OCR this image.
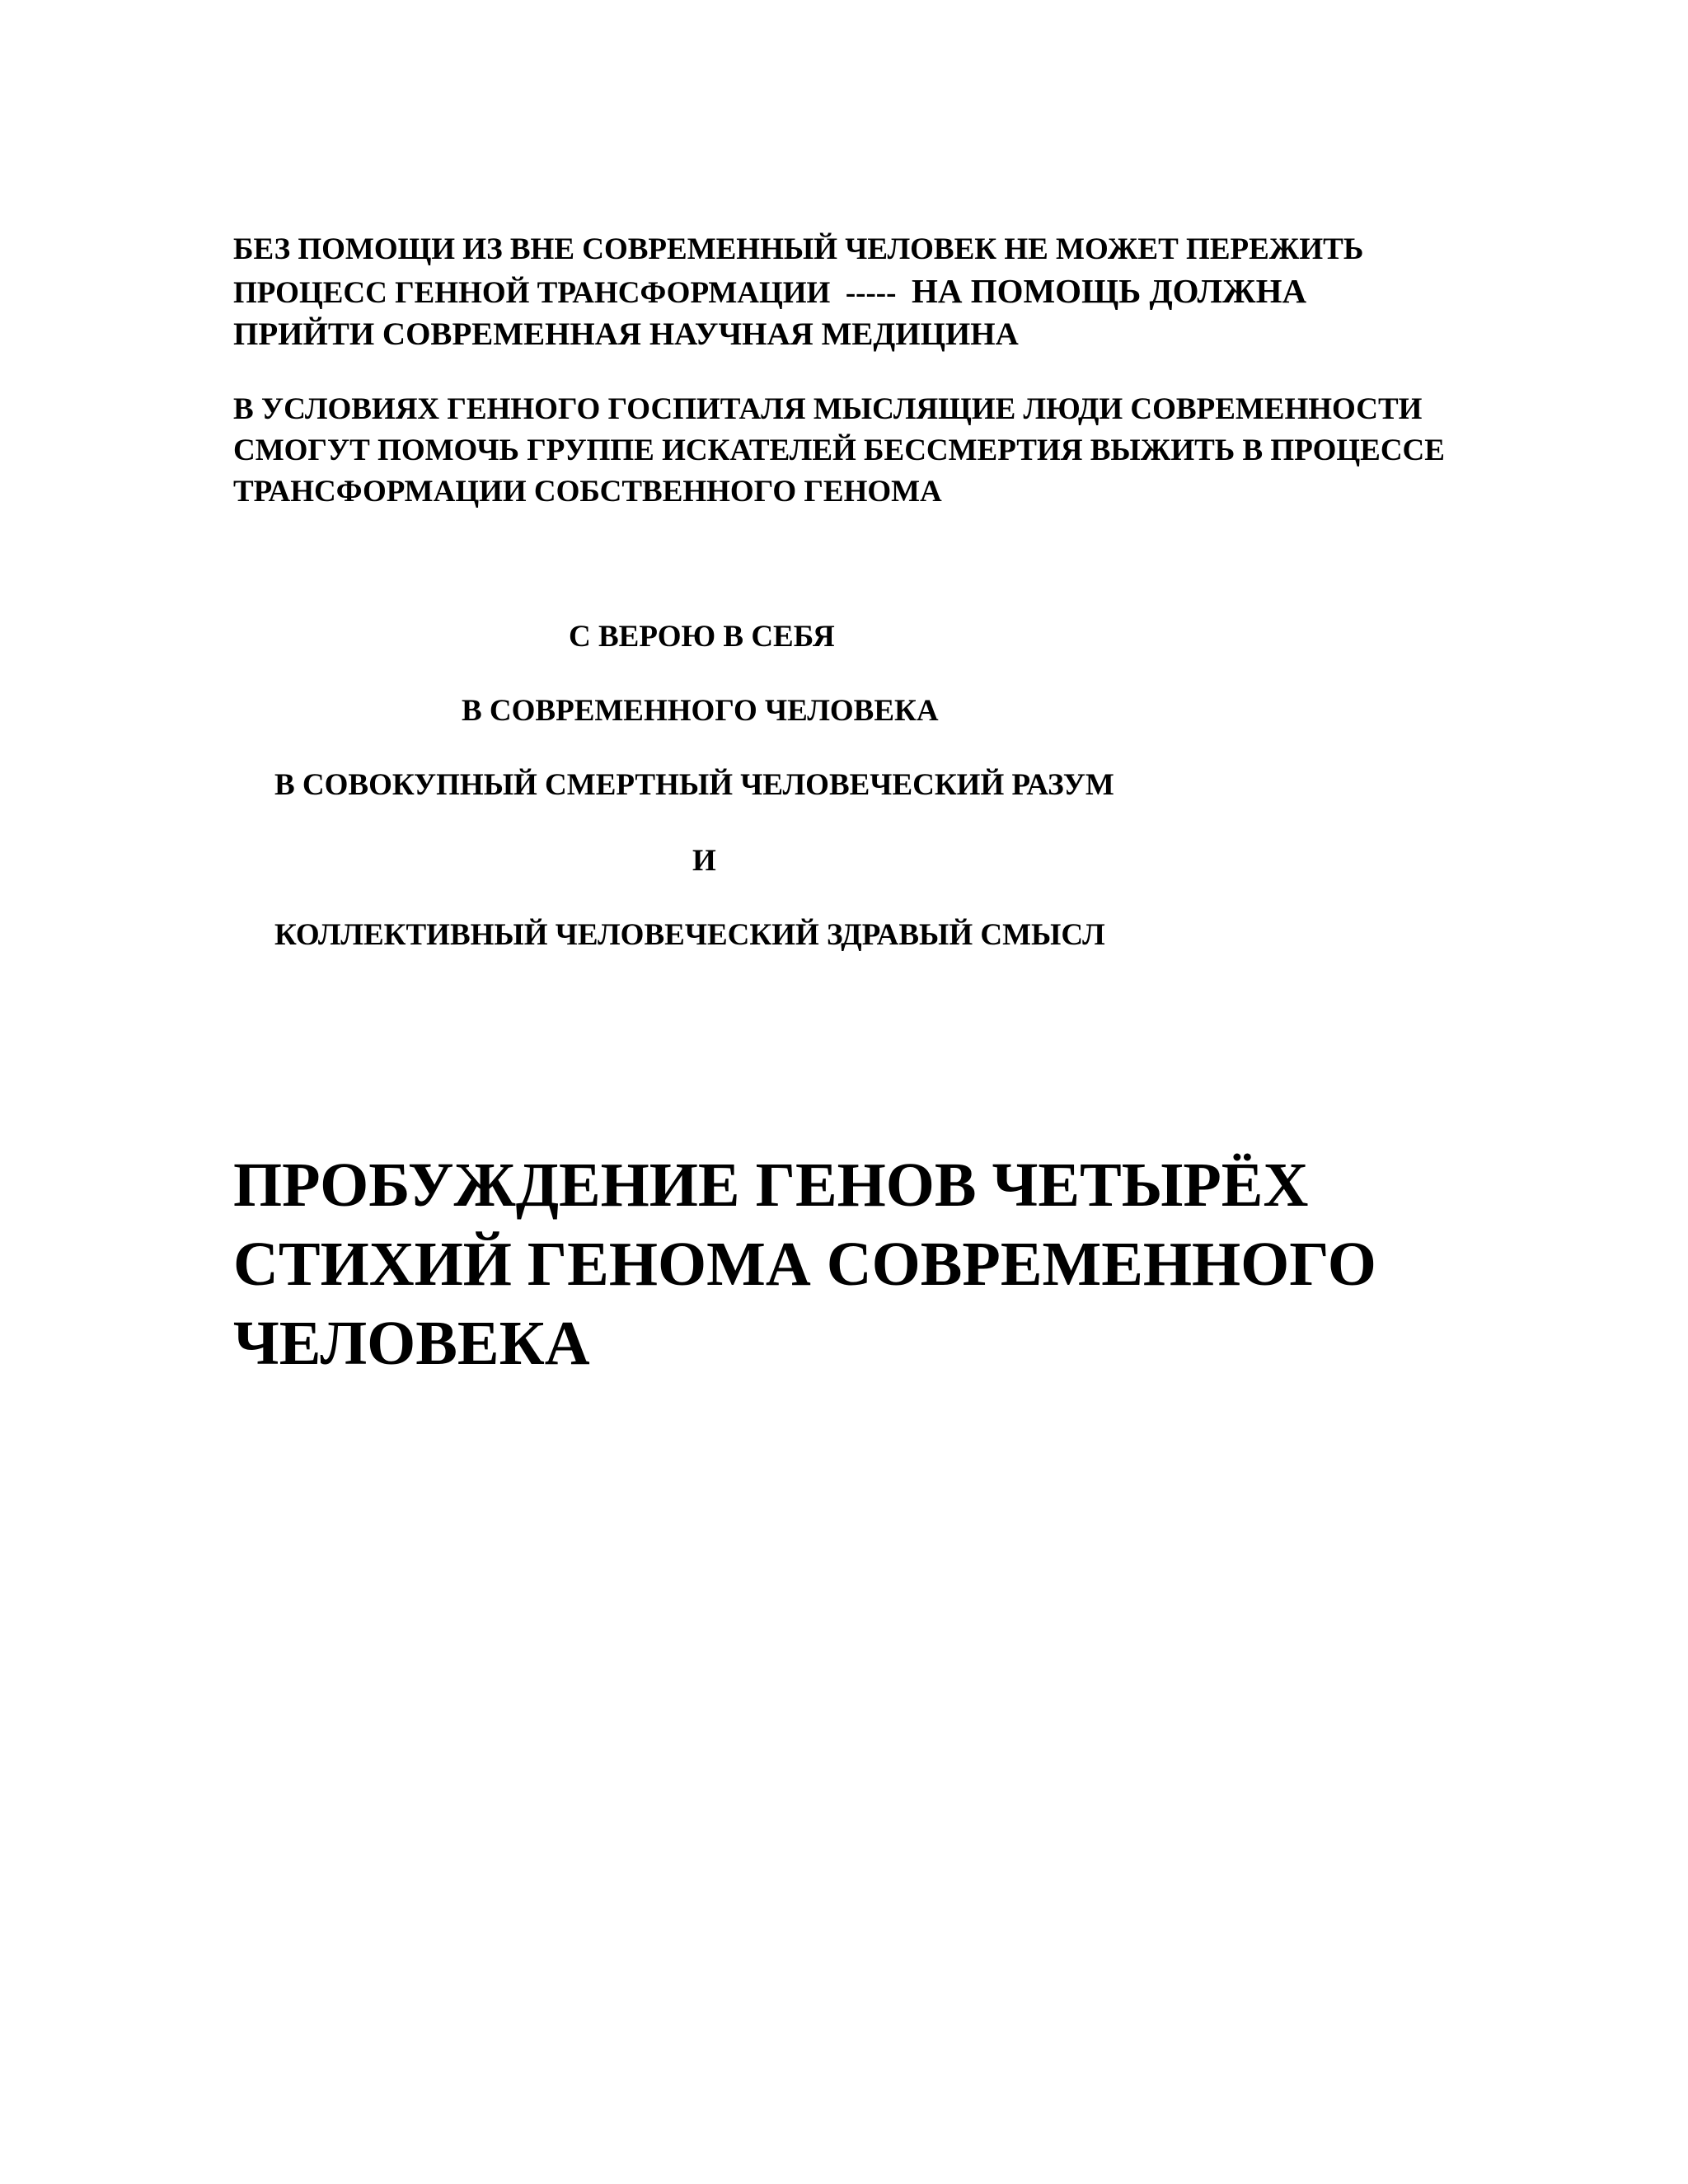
БЕЗ ПОМОЩИ ИЗ ВНЕ СОВРЕМЕННЫЙ ЧЕЛОВЕК НЕ МОЖЕТ ПЕРЕЖИТЬ
ПРОЦЕСС ГЕННОЙ ТРАНСФОРМАЦИИ  -----  НА ПОМОЩЬ ДОЛЖНА
ПРИЙТИ СОВРЕМЕННАЯ НАУЧНАЯ МЕДИЦИНА

В УСЛОВИЯХ ГЕННОГО ГОСПИТАЛЯ МЫСЛЯЩИЕ ЛЮДИ СОВРЕМЕННОСТИ
СМОГУТ ПОМОЧЬ ГРУППЕ ИСКАТЕЛЕЙ БЕССМЕРТИЯ ВЫЖИТЬ В ПРОЦЕССЕ
ТРАНСФОРМАЦИИ СОБСТВЕННОГО ГЕНОМА

С ВЕРОЮ В СЕБЯ

В СОВРЕМЕННОГО ЧЕЛОВЕКА

В СОВОКУПНЫЙ СМЕРТНЫЙ ЧЕЛОВЕЧЕСКИЙ РАЗУМ

И

КОЛЛЕКТИВНЫЙ ЧЕЛОВЕЧЕСКИЙ ЗДРАВЫЙ СМЫСЛ

ПРОБУЖДЕНИЕ ГЕНОВ ЧЕТЫРЁХ
СТИХИЙ ГЕНОМА СОВРЕМЕННОГО
ЧЕЛОВЕКА
